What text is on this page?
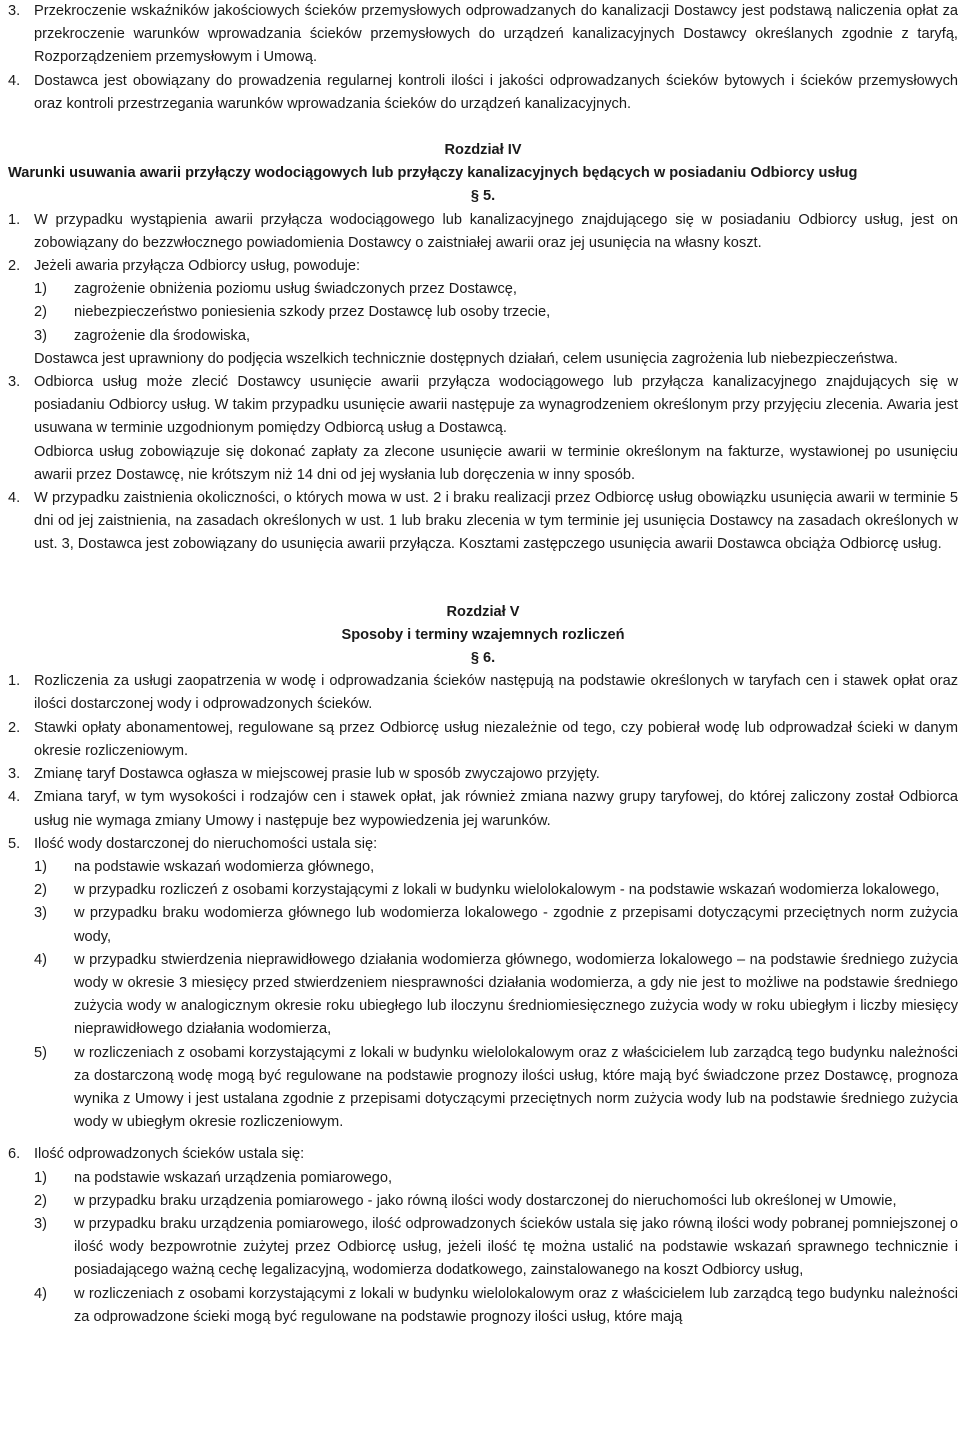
3. Przekroczenie wskaźników jakościowych ścieków przemysłowych odprowadzanych do kanalizacji Dostawcy jest podstawą naliczenia opłat za przekroczenie warunków wprowadzania ścieków przemysłowych do urządzeń kanalizacyjnych Dostawcy określanych zgodnie z taryfą, Rozporządzeniem przemysłowym i Umową.
4. Dostawca jest obowiązany do prowadzenia regularnej kontroli ilości i jakości odprowadzanych ścieków bytowych i ścieków przemysłowych oraz kontroli przestrzegania warunków wprowadzania ścieków do urządzeń kanalizacyjnych.
Rozdział IV
Warunki usuwania awarii przyłączy wodociągowych lub przyłączy kanalizacyjnych będących w posiadaniu Odbiorcy usług
§ 5.
1. W przypadku wystąpienia awarii przyłącza wodociągowego lub kanalizacyjnego znajdującego się w posiadaniu Odbiorcy usług, jest on zobowiązany do bezzwłocznego powiadomienia Dostawcy o zaistniałej awarii oraz jej usunięcia na własny koszt.
2. Jeżeli awaria przyłącza Odbiorcy usług, powoduje:
1)	zagrożenie obniżenia poziomu usług świadczonych przez Dostawcę,
2)	niebezpieczeństwo poniesienia szkody przez Dostawcę lub osoby trzecie,
3)	zagrożenie dla środowiska,
Dostawca jest uprawniony do podjęcia wszelkich technicznie dostępnych działań, celem usunięcia zagrożenia lub niebezpieczeństwa.
3. Odbiorca usług może zlecić Dostawcy usunięcie awarii przyłącza wodociągowego lub przyłącza kanalizacyjnego znajdujących się w posiadaniu Odbiorcy usług. W takim przypadku usunięcie awarii następuje za wynagrodzeniem określonym przy przyjęciu zlecenia. Awaria jest usuwana w terminie uzgodnionym pomiędzy Odbiorcą usług a Dostawcą.
Odbiorca usług zobowiązuje się dokonać zapłaty za zlecone usunięcie awarii w terminie określonym na fakturze, wystawionej po usunięciu awarii przez Dostawcę, nie krótszym niż 14 dni od jej wysłania lub doręczenia w inny sposób.
4. W przypadku zaistnienia okoliczności, o których mowa w ust. 2 i braku realizacji przez Odbiorcę usług obowiązku usunięcia awarii w terminie 5 dni od jej zaistnienia, na zasadach określonych w ust. 1 lub braku zlecenia w tym terminie jej usunięcia Dostawcy na zasadach określonych w ust. 3, Dostawca jest zobowiązany do usunięcia awarii przyłącza. Kosztami zastępczego usunięcia awarii Dostawca obciąża Odbiorcę usług.
Rozdział V
Sposoby i terminy wzajemnych rozliczeń
§ 6.
1. Rozliczenia za usługi zaopatrzenia w wodę i odprowadzania ścieków następują na podstawie określonych w taryfach cen i stawek opłat oraz ilości dostarczonej wody i odprowadzonych ścieków.
2. Stawki opłaty abonamentowej, regulowane są przez Odbiorcę usług niezależnie od tego, czy pobierał wodę lub odprowadzał ścieki w danym okresie rozliczeniowym.
3. Zmianę taryf Dostawca ogłasza w miejscowej prasie lub w sposób zwyczajowo przyjęty.
4. Zmiana taryf, w tym wysokości i rodzajów cen i stawek opłat, jak również zmiana nazwy grupy taryfowej, do której zaliczony został Odbiorca usług nie wymaga zmiany Umowy i następuje bez wypowiedzenia jej warunków.
5. Ilość wody dostarczonej do nieruchomości ustala się:
1)	na podstawie wskazań wodomierza głównego,
2)	w przypadku rozliczeń z osobami korzystającymi z lokali w budynku wielolokalowym - na podstawie wskazań wodomierza lokalowego,
3)	w przypadku braku wodomierza głównego lub wodomierza lokalowego - zgodnie z przepisami dotyczącymi przeciętnych norm zużycia wody,
4)	w przypadku stwierdzenia nieprawidłowego działania wodomierza głównego, wodomierza lokalowego – na podstawie średniego zużycia wody w okresie 3 miesięcy przed stwierdzeniem niesprawności działania wodomierza, a gdy nie jest to możliwe na podstawie średniego zużycia wody w analogicznym okresie roku ubiegłego lub iloczynu średniomiesięcznego zużycia wody w roku ubiegłym i liczby miesięcy nieprawidłowego działania wodomierza,
5)	w rozliczeniach z osobami korzystającymi z lokali w budynku wielolokalowym oraz z właścicielem lub zarządcą tego budynku należności za dostarczoną wodę mogą być regulowane na podstawie prognozy ilości usług, które mają być świadczone przez Dostawcę, prognoza wynika z Umowy i jest ustalana zgodnie z przepisami dotyczącymi przeciętnych norm zużycia wody lub na podstawie średniego zużycia wody w ubiegłym okresie rozliczeniowym.
6. Ilość odprowadzonych ścieków ustala się:
1)	na podstawie wskazań urządzenia pomiarowego,
2)	w przypadku braku urządzenia pomiarowego - jako równą ilości wody dostarczonej do nieruchomości lub określonej w Umowie,
3)	w przypadku braku urządzenia pomiarowego, ilość odprowadzonych ścieków ustala się jako równą ilości wody pobranej pomniejszonej o ilość wody bezpowrotnie zużytej przez Odbiorcę usług, jeżeli ilość tę można ustalić na podstawie wskazań sprawnego technicznie i posiadającego ważną cechę legalizacyjną, wodomierza dodatkowego, zainstalowanego na koszt Odbiorcy usług,
4)	w rozliczeniach z osobami korzystającymi z lokali w budynku wielolokalowym oraz z właścicielem lub zarządcą tego budynku należności za odprowadzone ścieki mogą być regulowane na podstawie prognozy ilości usług, które mają
